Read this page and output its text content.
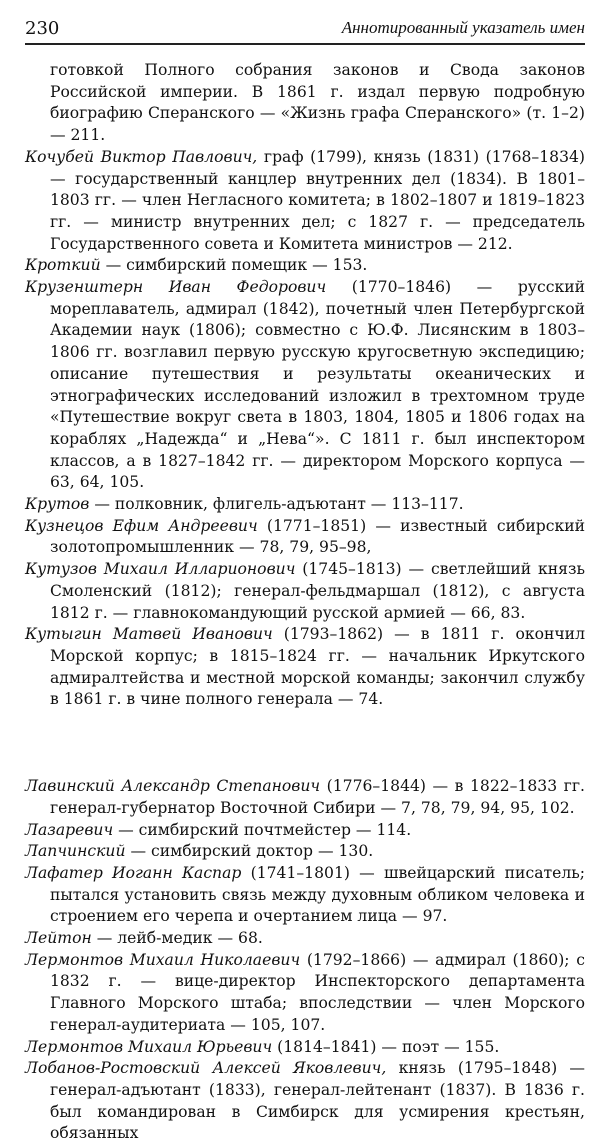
230	Аннотированный указатель имен

готовкой Полного собрания законов и Свода законов Российской империи. В 1861 г. издал первую подробную биографию Сперанского — «Жизнь графа Сперанского» (т. 1–2) — 211.

Кочубей Виктор Павлович, граф (1799), князь (1831) (1768–1834) — государственный канцлер внутренних дел (1834). В 1801–1803 гг. — член Негласного комитета; в 1802–1807 и 1819–1823 гг. — министр внутренних дел; с 1827 г. — председатель Государственного совета и Комитета министров — 212.

Кроткий — симбирский помещик — 153.

Крузенштерн Иван Федорович (1770–1846) — русский мореплаватель, адмирал (1842), почетный член Петербургской Академии наук (1806); совместно с Ю.Ф. Лисянским в 1803–1806 гг. возглавил первую русскую кругосветную экспедицию; описание путешествия и результаты океанических и этнографических исследований изложил в трехтомном труде «Путешествие вокруг света в 1803, 1804, 1805 и 1806 годах на кораблях „Надежда“ и „Нева“». С 1811 г. был инспектором классов, а в 1827–1842 гг. — директором Морского корпуса — 63, 64, 105.

Крутов — полковник, флигель-адъютант — 113–117.

Кузнецов Ефим Андреевич (1771–1851) — известный сибирский золотопромышленник — 78, 79, 95–98,

Кутузов Михаил Илларионович (1745–1813) — светлейший князь Смоленский (1812); генерал-фельдмаршал (1812), с августа 1812 г. — главнокомандующий русской армией — 66, 83.

Кутыгин Матвей Иванович (1793–1862) — в 1811 г. окончил Морской корпус; в 1815–1824 гг. — начальник Иркутского адмиралтейства и местной морской команды; закончил службу в 1861 г. в чине полного генерала — 74.

Лавинский Александр Степанович (1776–1844) — в 1822–1833 гг. генерал-губернатор Восточной Сибири — 7, 78, 79, 94, 95, 102.

Лазаревич — симбирский почтмейстер — 114.

Лапчинский — симбирский доктор — 130.

Лафатер Иоганн Каспар (1741–1801) — швейцарский писатель; пытался установить связь между духовным обликом человека и строением его черепа и очертанием лица — 97.

Лейтон — лейб-медик — 68.

Лермонтов Михаил Николаевич (1792–1866) — адмирал (1860); с 1832 г. — вице-директор Инспекторского департамента Главного Морского штаба; впоследствии — член Морского генерал-аудитериата — 105, 107.

Лермонтов Михаил Юрьевич (1814–1841) — поэт — 155.

Лобанов-Ростовский Алексей Яковлевич, князь (1795–1848) — генерал-адъютант (1833), генерал-лейтенант (1837). В 1836 г. был командирован в Симбирск для усмирения крестьян, обязанных
